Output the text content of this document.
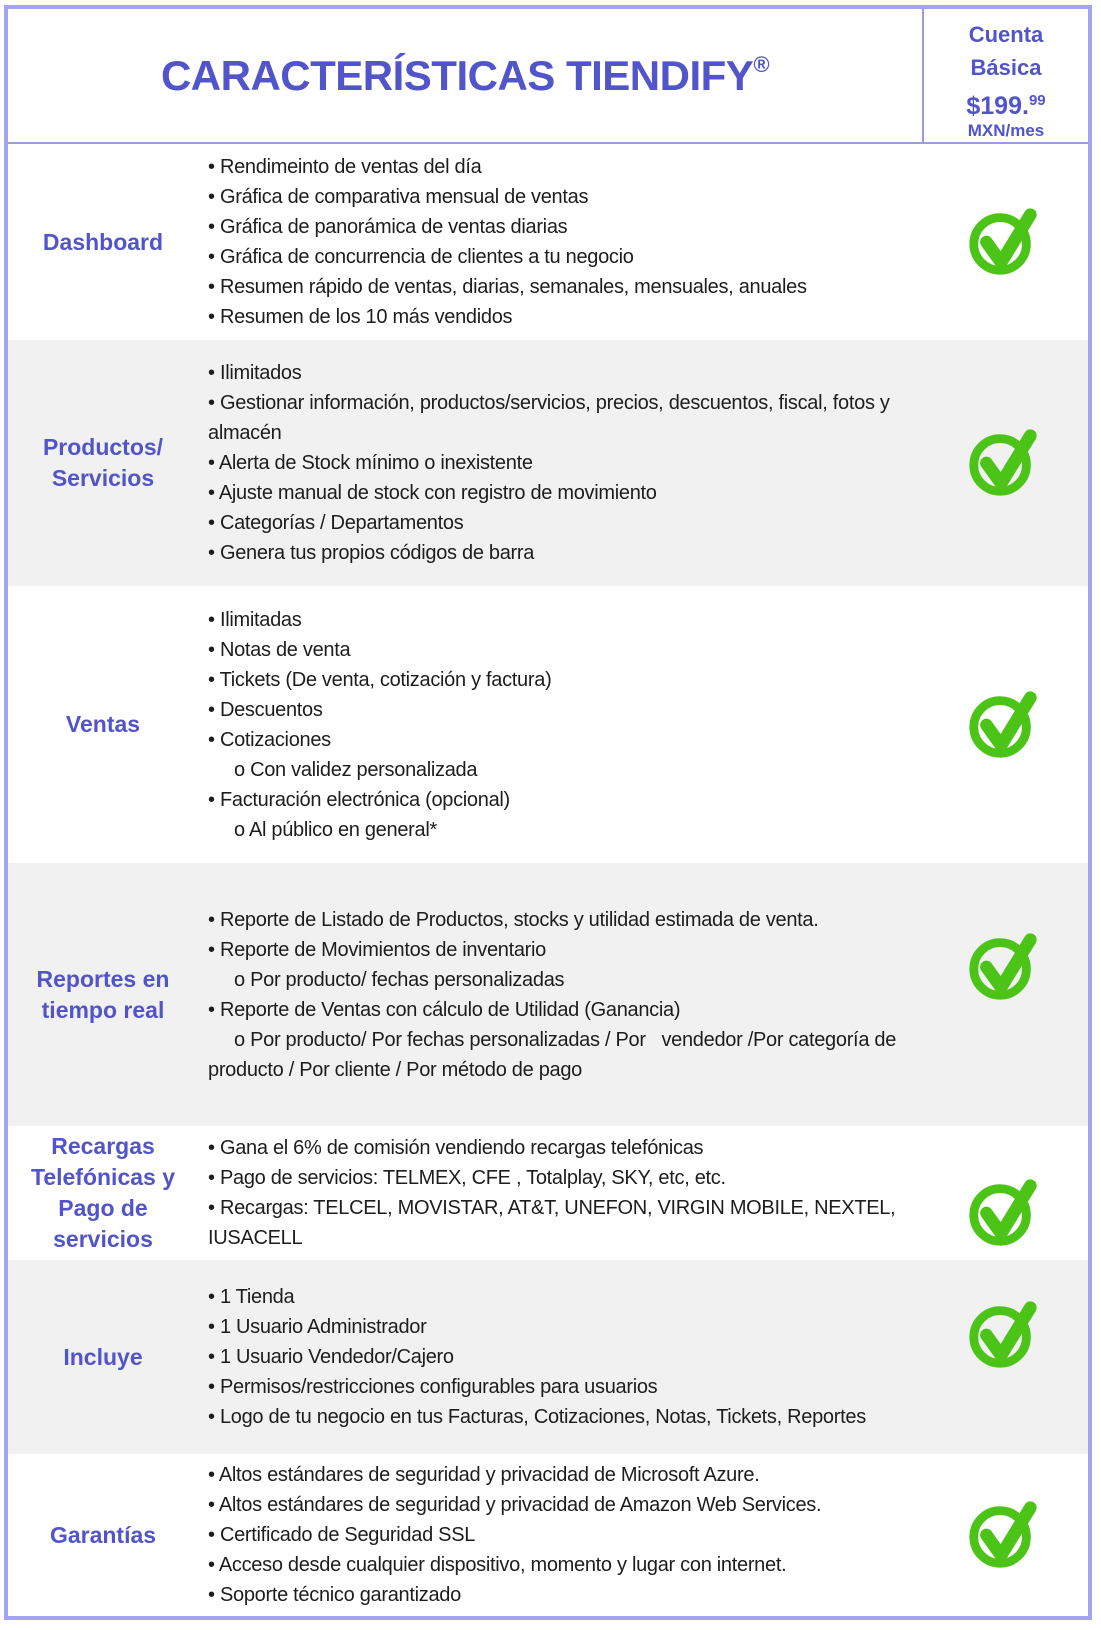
CARACTERÍSTICAS TIENDIFY®
Cuenta Básica
$199.99
MXN/mes
Dashboard

• Rendimeinto de ventas del día

• Gráfica de comparativa mensual de ventas

• Gráfica de panorámica de ventas diarias

• Gráfica de concurrencia de clientes a tu negocio

• Resumen rápido de ventas, diarias, semanales, mensuales, anuales

• Resumen de los 10 más vendidos

Productos/ Servicios

• Ilimitados

• Gestionar información, productos/servicios, precios, descuentos, fiscal, fotos y almacén

• Alerta de Stock mínimo o inexistente

• Ajuste manual de stock con registro de movimiento

• Categorías / Departamentos

• Genera tus propios códigos de barra

Ventas

• Ilimitadas

• Notas de venta

• Tickets (De venta, cotización y factura)

• Descuentos

• Cotizaciones

o Con validez personalizada

• Facturación electrónica (opcional)

o Al público en general*

Reportes en tiempo real

• Reporte de Listado de Productos, stocks y utilidad estimada de venta.

• Reporte de Movimientos de inventario

o Por producto/ fechas personalizadas

• Reporte de Ventas con cálculo de Utilidad (Ganancia)

o Por producto/ Por fechas personalizadas / Por   vendedor /Por categoría de producto / Por cliente / Por método de pago

Recargas Telefónicas y Pago de servicios

• Gana el 6% de comisión vendiendo recargas telefónicas

• Pago de servicios: TELMEX, CFE , Totalplay, SKY, etc, etc.

• Recargas: TELCEL, MOVISTAR, AT&T, UNEFON, VIRGIN MOBILE, NEXTEL, IUSACELL

Incluye

• 1 Tienda

• 1 Usuario Administrador

• 1 Usuario Vendedor/Cajero

• Permisos/restricciones configurables para usuarios

• Logo de tu negocio en tus Facturas, Cotizaciones, Notas, Tickets, Reportes

Garantías

• Altos estándares de seguridad y privacidad de Microsoft Azure.

• Altos estándares de seguridad y privacidad de Amazon Web Services.

• Certificado de Seguridad SSL

• Acceso desde cualquier dispositivo, momento y lugar con internet.

• Soporte técnico garantizado
